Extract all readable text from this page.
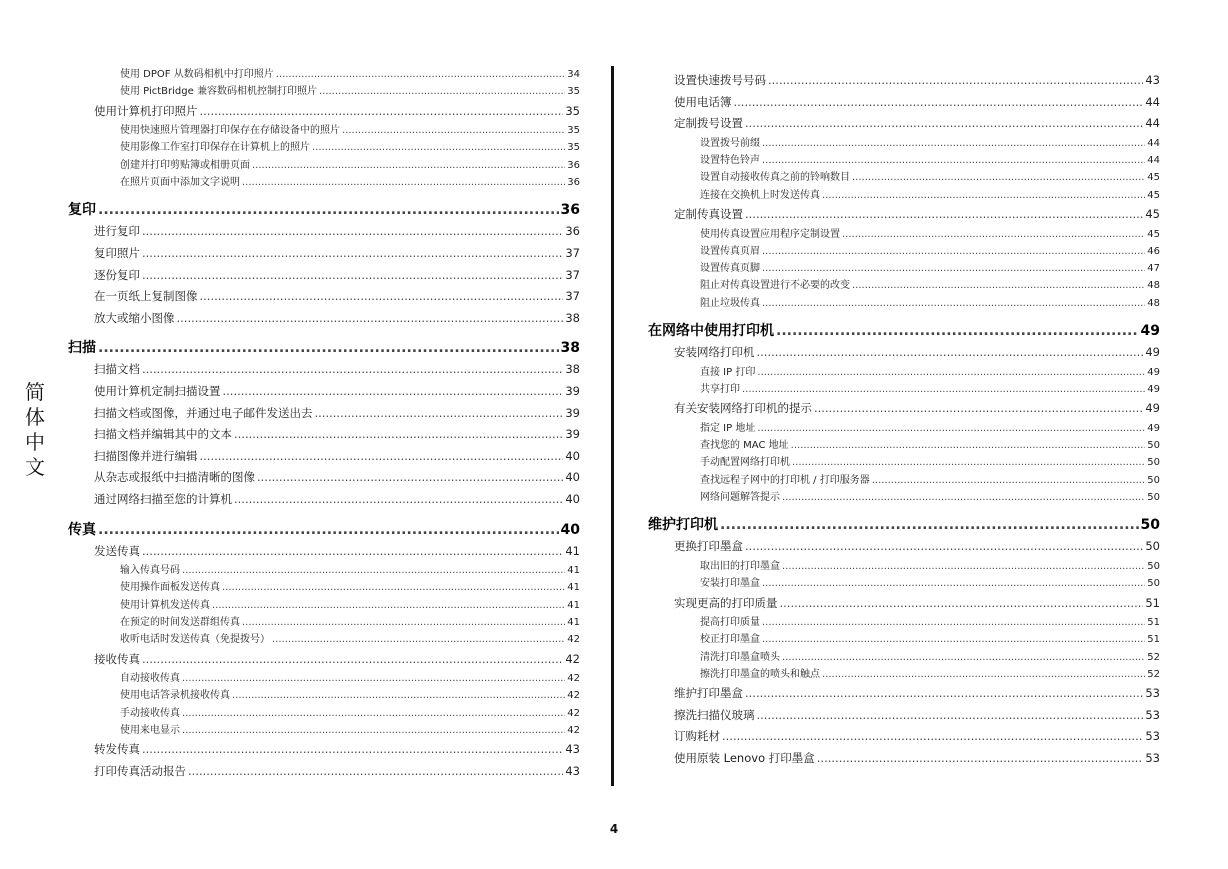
简
体
中
文
使用 DPOF 从数码相机中打印照片 .....	34
使用 PictBridge 兼容数码相机控制打印照片 .....	35
使用计算机打印照片 .....	35
使用快速照片管理器打印保存在存储设备中的照片 .....	35
使用影像工作室打印保存在计算机上的照片 .....	35
创建并打印剪贴簿或相册页面 .....	36
在照片页面中添加文字说明 .....	36
复印 .....	36
进行复印 .....	36
复印照片 .....	37
逐份复印 .....	37
在一页纸上复制图像 .....	37
放大或缩小图像 .....	38
扫描 .....	38
扫描文档 .....	38
使用计算机定制扫描设置 .....	39
扫描文档或图像，并通过电子邮件发送出去 .....	39
扫描文档并编辑其中的文本 .....	39
扫描图像并进行编辑 .....	40
从杂志或报纸中扫描清晰的图像 .....	40
通过网络扫描至您的计算机 .....	40
传真 .....	40
发送传真 .....	41
输入传真号码 .....	41
使用操作面板发送传真 .....	41
使用计算机发送传真 .....	41
在预定的时间发送群组传真 .....	41
收听电话时发送传真（免提拨号） .....	42
接收传真 .....	42
自动接收传真 .....	42
使用电话答录机接收传真 .....	42
手动接收传真 .....	42
使用来电显示 .....	42
转发传真 .....	43
打印传真活动报告 .....	43
设置快速拨号号码 .....	43
使用电话簿 .....	44
定制拨号设置 .....	44
设置拨号前缀 .....	44
设置特色铃声 .....	44
设置自动接收传真之前的铃响数目 .....	45
连接在交换机上时发送传真 .....	45
定制传真设置 .....	45
使用传真设置应用程序定制设置 .....	45
设置传真页眉 .....	46
设置传真页脚 .....	47
阻止对传真设置进行不必要的改变 .....	48
阻止垃圾传真 .....	48
在网络中使用打印机 .....	49
安装网络打印机 .....	49
直接 IP 打印 .....	49
共享打印 .....	49
有关安装网络打印机的提示 .....	49
指定 IP 地址 .....	49
查找您的 MAC 地址 .....	50
手动配置网络打印机 .....	50
查找远程子网中的打印机 / 打印服务器 .....	50
网络问题解答提示 .....	50
维护打印机 .....	50
更换打印墨盒 .....	50
取出旧的打印墨盒 .....	50
安装打印墨盒 .....	50
实现更高的打印质量 .....	51
提高打印质量 .....	51
校正打印墨盒 .....	51
清洗打印墨盒喷头 .....	52
擦洗打印墨盒的喷头和触点 .....	52
维护打印墨盒 .....	53
擦洗扫描仪玻璃 .....	53
订购耗材 .....	53
使用原装 Lenovo 打印墨盒 .....	53
4
